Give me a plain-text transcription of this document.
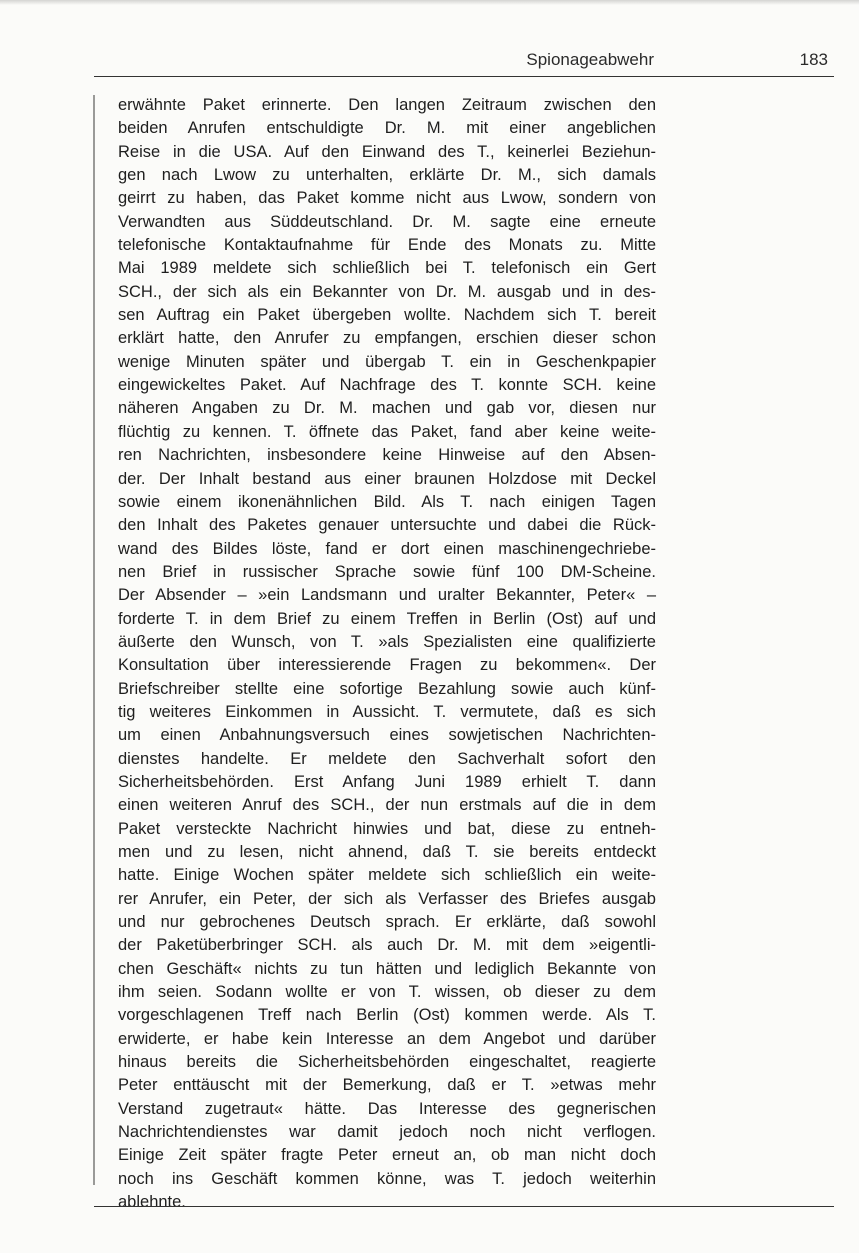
Spionageabwehr	183

erwähnte Paket erinnerte. Den langen Zeitraum zwischen den
beiden Anrufen entschuldigte Dr. M. mit einer angeblichen
Reise in die USA. Auf den Einwand des T., keinerlei Beziehun-
gen nach Lwow zu unterhalten, erklärte Dr. M., sich damals
geirrt zu haben, das Paket komme nicht aus Lwow, sondern von
Verwandten aus Süddeutschland. Dr. M. sagte eine erneute
telefonische Kontaktaufnahme für Ende des Monats zu. Mitte
Mai 1989 meldete sich schließlich bei T. telefonisch ein Gert
SCH., der sich als ein Bekannter von Dr. M. ausgab und in des-
sen Auftrag ein Paket übergeben wollte. Nachdem sich T. bereit
erklärt hatte, den Anrufer zu empfangen, erschien dieser schon
wenige Minuten später und übergab T. ein in Geschenkpapier
eingewickeltes Paket. Auf Nachfrage des T. konnte SCH. keine
näheren Angaben zu Dr. M. machen und gab vor, diesen nur
flüchtig zu kennen. T. öffnete das Paket, fand aber keine weite-
ren Nachrichten, insbesondere keine Hinweise auf den Absen-
der. Der Inhalt bestand aus einer braunen Holzdose mit Deckel
sowie einem ikonenähnlichen Bild. Als T. nach einigen Tagen
den Inhalt des Paketes genauer untersuchte und dabei die Rück-
wand des Bildes löste, fand er dort einen maschinengechriebe-
nen Brief in russischer Sprache sowie fünf 100 DM-Scheine.
Der Absender – »ein Landsmann und uralter Bekannter, Peter« –
forderte T. in dem Brief zu einem Treffen in Berlin (Ost) auf und
äußerte den Wunsch, von T. »als Spezialisten eine qualifizierte
Konsultation über interessierende Fragen zu bekommen«. Der
Briefschreiber stellte eine sofortige Bezahlung sowie auch künf-
tig weiteres Einkommen in Aussicht. T. vermutete, daß es sich
um einen Anbahnungsversuch eines sowjetischen Nachrichten-
dienstes handelte. Er meldete den Sachverhalt sofort den
Sicherheitsbehörden. Erst Anfang Juni 1989 erhielt T. dann
einen weiteren Anruf des SCH., der nun erstmals auf die in dem
Paket versteckte Nachricht hinwies und bat, diese zu entneh-
men und zu lesen, nicht ahnend, daß T. sie bereits entdeckt
hatte. Einige Wochen später meldete sich schließlich ein weite-
rer Anrufer, ein Peter, der sich als Verfasser des Briefes ausgab
und nur gebrochenes Deutsch sprach. Er erklärte, daß sowohl
der Paketüberbringer SCH. als auch Dr. M. mit dem »eigentli-
chen Geschäft« nichts zu tun hätten und lediglich Bekannte von
ihm seien. Sodann wollte er von T. wissen, ob dieser zu dem
vorgeschlagenen Treff nach Berlin (Ost) kommen werde. Als T.
erwiderte, er habe kein Interesse an dem Angebot und darüber
hinaus bereits die Sicherheitsbehörden eingeschaltet, reagierte
Peter enttäuscht mit der Bemerkung, daß er T. »etwas mehr
Verstand zugetraut« hätte. Das Interesse des gegnerischen
Nachrichtendienstes war damit jedoch noch nicht verflogen.
Einige Zeit später fragte Peter erneut an, ob man nicht doch
noch ins Geschäft kommen könne, was T. jedoch weiterhin
ablehnte.
